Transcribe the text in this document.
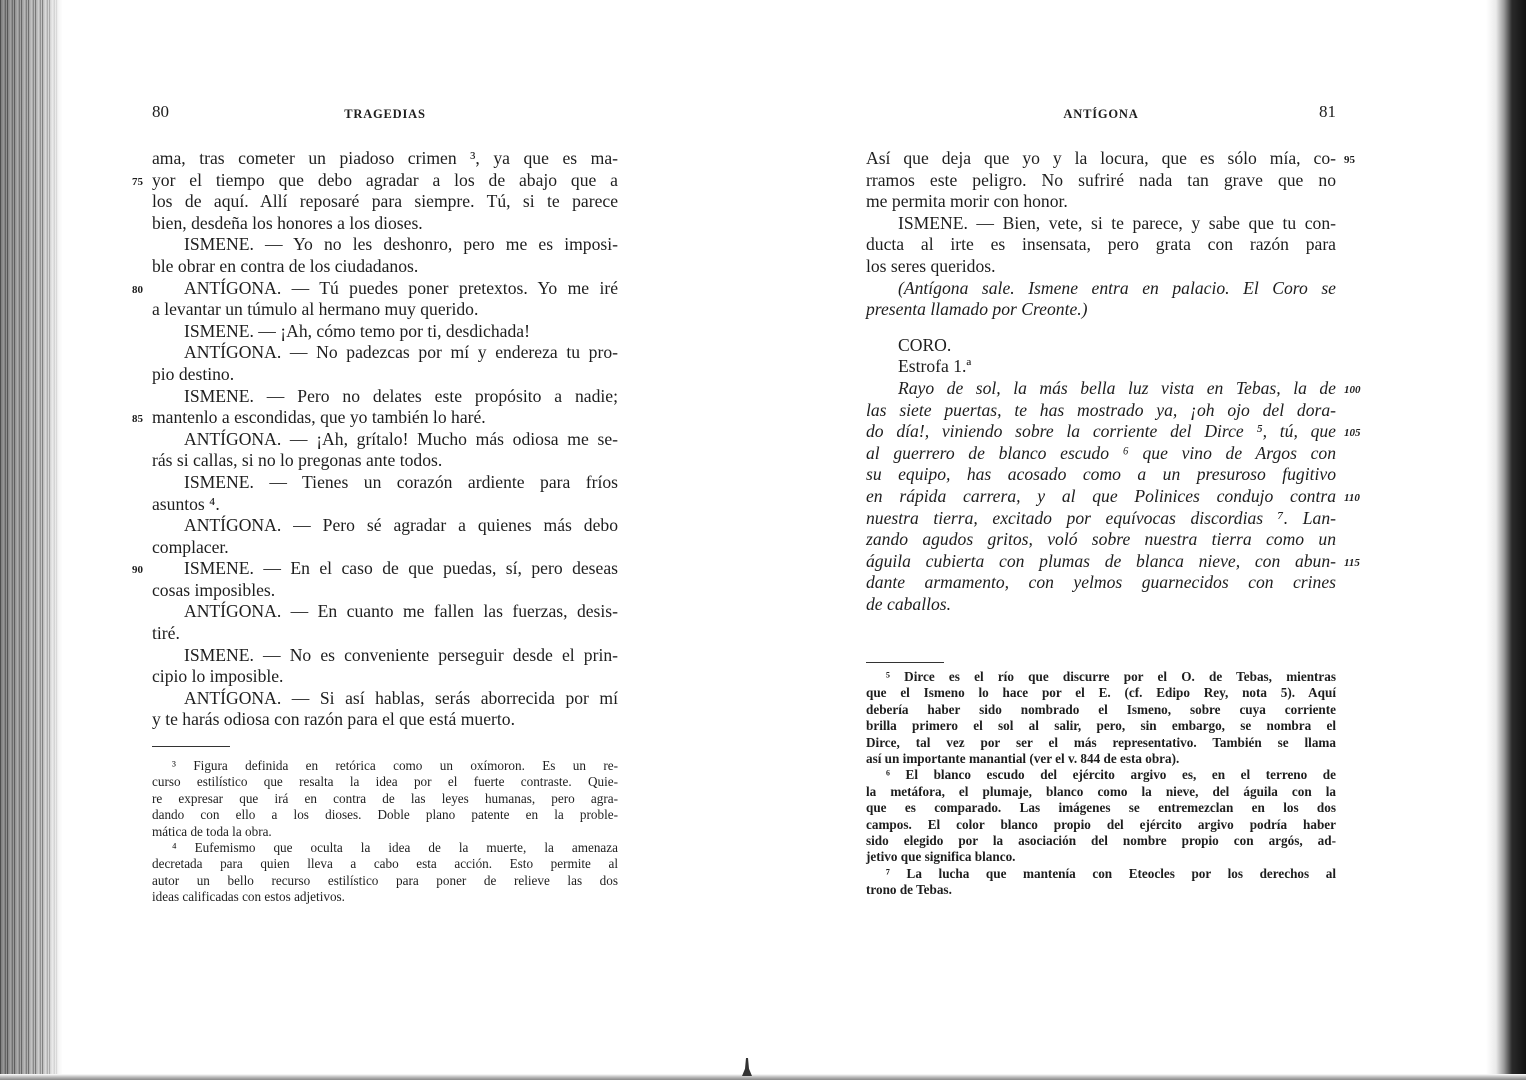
80	TRAGEDIAS
ama, tras cometer un piadoso crimen ³, ya que es ma-
yor el tiempo que debo agradar a los de abajo que a
75
los de aquí. Allí reposaré para siempre. Tú, si te parece
bien, desdeña los honores a los dioses.
ISMENE. — Yo no les deshonro, pero me es imposi-
ble obrar en contra de los ciudadanos.
ANTÍGONA. — Tú puedes poner pretextos. Yo me iré
80
a levantar un túmulo al hermano muy querido.
ISMENE. — ¡Ah, cómo temo por ti, desdichada!
ANTÍGONA. — No padezcas por mí y endereza tu pro-
pio destino.
ISMENE. — Pero no delates este propósito a nadie;
mantenlo a escondidas, que yo también lo haré.
85
ANTÍGONA. — ¡Ah, grítalo! Mucho más odiosa me se-
rás si callas, si no lo pregonas ante todos.
ISMENE. — Tienes un corazón ardiente para fríos
asuntos ⁴.
ANTÍGONA. — Pero sé agradar a quienes más debo
complacer.
ISMENE. — En el caso de que puedas, sí, pero deseas
90
cosas imposibles.
ANTÍGONA. — En cuanto me fallen las fuerzas, desis-
tiré.
ISMENE. — No es conveniente perseguir desde el prin-
cipio lo imposible.
ANTÍGONA. — Si así hablas, serás aborrecida por mí
y te harás odiosa con razón para el que está muerto.
³ Figura definida en retórica como un oxímoron. Es un re-
curso estilístico que resalta la idea por el fuerte contraste. Quie-
re expresar que irá en contra de las leyes humanas, pero agra-
dando con ello a los dioses. Doble plano patente en la proble-
mática de toda la obra.
⁴ Eufemismo que oculta la idea de la muerte, la amenaza
decretada para quien lleva a cabo esta acción. Esto permite al
autor un bello recurso estilístico para poner de relieve las dos
ideas calificadas con estos adjetivos.
81
ANTÍGONA
Así que deja que yo y la locura, que es sólo mía, co- 95
rramos este peligro. No sufriré nada tan grave que no
me permita morir con honor.
ISMENE. — Bien, vete, si te parece, y sabe que tu con-
ducta al irte es insensata, pero grata con razón para
los seres queridos.
(Antígona sale. Ismene entra en palacio. El Coro se
presenta llamado por Creonte.)
CORO.
Estrofa 1.ª
Rayo de sol, la más bella luz vista en Tebas, la de 100
las siete puertas, te has mostrado ya, ¡oh ojo del dora-
do día!, viniendo sobre la corriente del Dirce ⁵, tú, que 105
al guerrero de blanco escudo ⁶ que vino de Argos con
su equipo, has acosado como a un presuroso fugitivo
en rápida carrera, y al que Polinices condujo contra 110
nuestra tierra, excitado por equívocas discordias ⁷. Lan-
zando agudos gritos, voló sobre nuestra tierra como un
águila cubierta con plumas de blanca nieve, con abun- 115
dante armamento, con yelmos guarnecidos con crines
de caballos.
⁵ Dirce es el río que discurre por el O. de Tebas, mientras
que el Ismeno lo hace por el E. (cf. Edipo Rey, nota 5). Aquí
debería haber sido nombrado el Ismeno, sobre cuya corriente
brilla primero el sol al salir, pero, sin embargo, se nombra el
Dirce, tal vez por ser el más representativo. También se llama
así un importante manantial (ver el v. 844 de esta obra).
⁶ El blanco escudo del ejército argivo es, en el terreno de
la metáfora, el plumaje, blanco como la nieve, del águila con la
que es comparado. Las imágenes se entremezclan en los dos
campos. El color blanco propio del ejército argivo podría haber
sido elegido por la asociación del nombre propio con argós, ad-
jetivo que significa blanco.
⁷ La lucha que mantenía con Eteocles por los derechos al
trono de Tebas.
